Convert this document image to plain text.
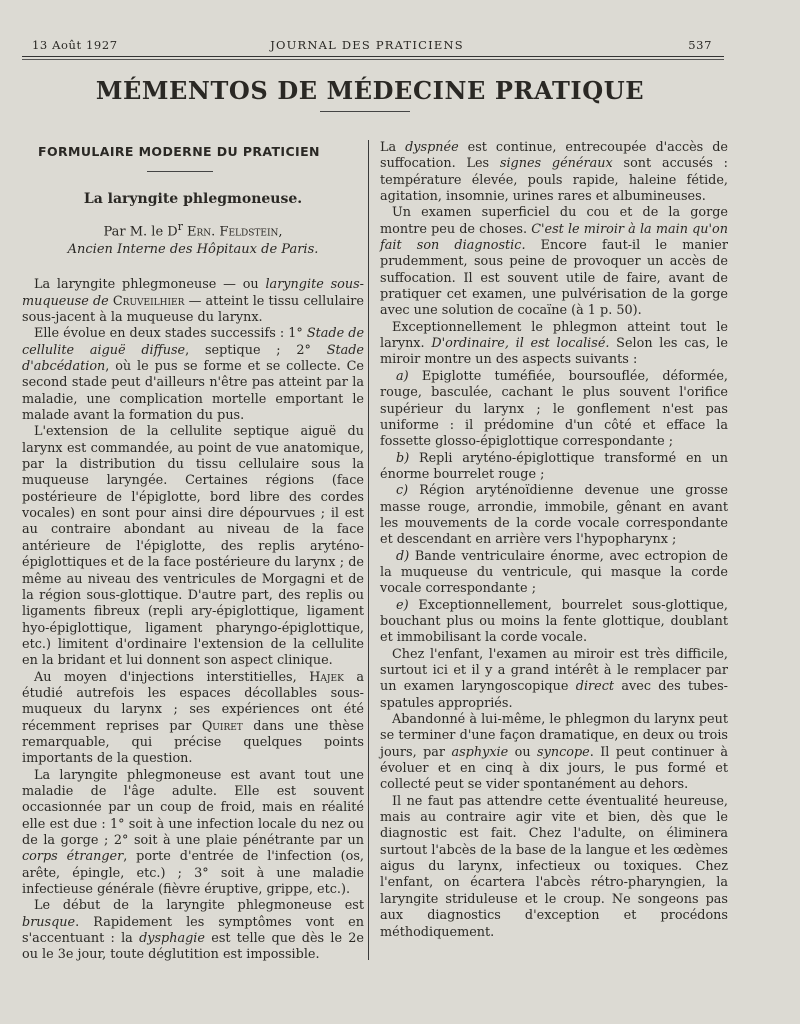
13 Août 1927	JOURNAL DES PRATICIENS	537
MÉMENTOS DE MÉDECINE PRATIQUE
FORMULAIRE MODERNE DU PRATICIEN
La laryngite phlegmoneuse.
Par M. le $D^r$ Ern. Feldstein,
Ancien Interne des Hôpitaux de Paris.

La laryngite phlegmoneuse — ou laryngite sous-muqueuse de Cruveilhier — atteint le tissu cellulaire sous-jacent à la muqueuse du larynx.

Elle évolue en deux stades successifs : 1° Stade de cellulite aiguë diffuse, septique ; 2° Stade d'abcédation, où le pus se forme et se collecte. Ce second stade peut d'ailleurs n'être pas atteint par la maladie, une complication mortelle emportant le malade avant la formation du pus.

L'extension de la cellulite septique aiguë du larynx est commandée, au point de vue anatomique, par la distribution du tissu cellulaire sous la muqueuse laryngée. Certaines régions (face postérieure de l'épiglotte, bord libre des cordes vocales) en sont pour ainsi dire dépourvues ; il est au contraire abondant au niveau de la face antérieure de l'épiglotte, des replis aryténo-épiglottiques et de la face postérieure du larynx ; de même au niveau des ventricules de Morgagni et de la région sous-glottique. D'autre part, des replis ou ligaments fibreux (repli ary-épiglottique, ligament hyo-épiglottique, ligament pharyngo-épiglottique, etc.) limitent d'ordinaire l'extension de la cellulite en la bridant et lui donnent son aspect clinique.

Au moyen d'injections interstitielles, Hajek a étudié autrefois les espaces décollables sous-muqueux du larynx ; ses expériences ont été récemment reprises par Quiret dans une thèse remarquable, qui précise quelques points importants de la question.

La laryngite phlegmoneuse est avant tout une maladie de l'âge adulte. Elle est souvent occasionnée par un coup de froid, mais en réalité elle est due : 1° soit à une infection locale du nez ou de la gorge ; 2° soit à une plaie pénétrante par un corps étranger, porte d'entrée de l'infection (os, arête, épingle, etc.) ; 3° soit à une maladie infectieuse générale (fièvre éruptive, grippe, etc.).

Le début de la laryngite phlegmoneuse est brusque. Rapidement les symptômes vont en s'accentuant : la dysphagie est telle que dès le 2e ou le 3e jour, toute déglutition est impossible.

La dyspnée est continue, entrecoupée d'accès de suffocation. Les signes généraux sont accusés : température élevée, pouls rapide, haleine fétide, agitation, insomnie, urines rares et albumineuses.

Un examen superficiel du cou et de la gorge montre peu de choses. C'est le miroir à la main qu'on fait son diagnostic. Encore faut-il le manier prudemment, sous peine de provoquer un accès de suffocation. Il est souvent utile de faire, avant de pratiquer cet examen, une pulvérisation de la gorge avec une solution de cocaïne (à 1 p. 50).

Exceptionnellement le phlegmon atteint tout le larynx. D'ordinaire, il est localisé. Selon les cas, le miroir montre un des aspects suivants :

a) Epiglotte tuméfiée, boursouflée, déformée, rouge, basculée, cachant le plus souvent l'orifice supérieur du larynx ; le gonflement n'est pas uniforme : il prédomine d'un côté et efface la fossette glosso-épiglottique correspondante ;

b) Repli aryténo-épiglottique transformé en un énorme bourrelet rouge ;

c) Région aryténoïdienne devenue une grosse masse rouge, arrondie, immobile, gênant en avant les mouvements de la corde vocale correspondante et descendant en arrière vers l'hypopharynx ;

d) Bande ventriculaire énorme, avec ectropion de la muqueuse du ventricule, qui masque la corde vocale correspondante ;

e) Exceptionnellement, bourrelet sous-glottique, bouchant plus ou moins la fente glottique, doublant et immobilisant la corde vocale.

Chez l'enfant, l'examen au miroir est très difficile, surtout ici et il y a grand intérêt à le remplacer par un examen laryngoscopique direct avec des tubes-spatules appropriés.

Abandonné à lui-même, le phlegmon du larynx peut se terminer d'une façon dramatique, en deux ou trois jours, par asphyxie ou syncope. Il peut continuer à évoluer et en cinq à dix jours, le pus formé et collecté peut se vider spontanément au dehors.

Il ne faut pas attendre cette éventualité heureuse, mais au contraire agir vite et bien, dès que le diagnostic est fait. Chez l'adulte, on éliminera surtout l'abcès de la base de la langue et les œdèmes aigus du larynx, infectieux ou toxiques. Chez l'enfant, on écartera l'abcès rétro-pharyngien, la laryngite striduleuse et le croup. Ne songeons pas aux diagnostics d'exception et procédons méthodiquement.
